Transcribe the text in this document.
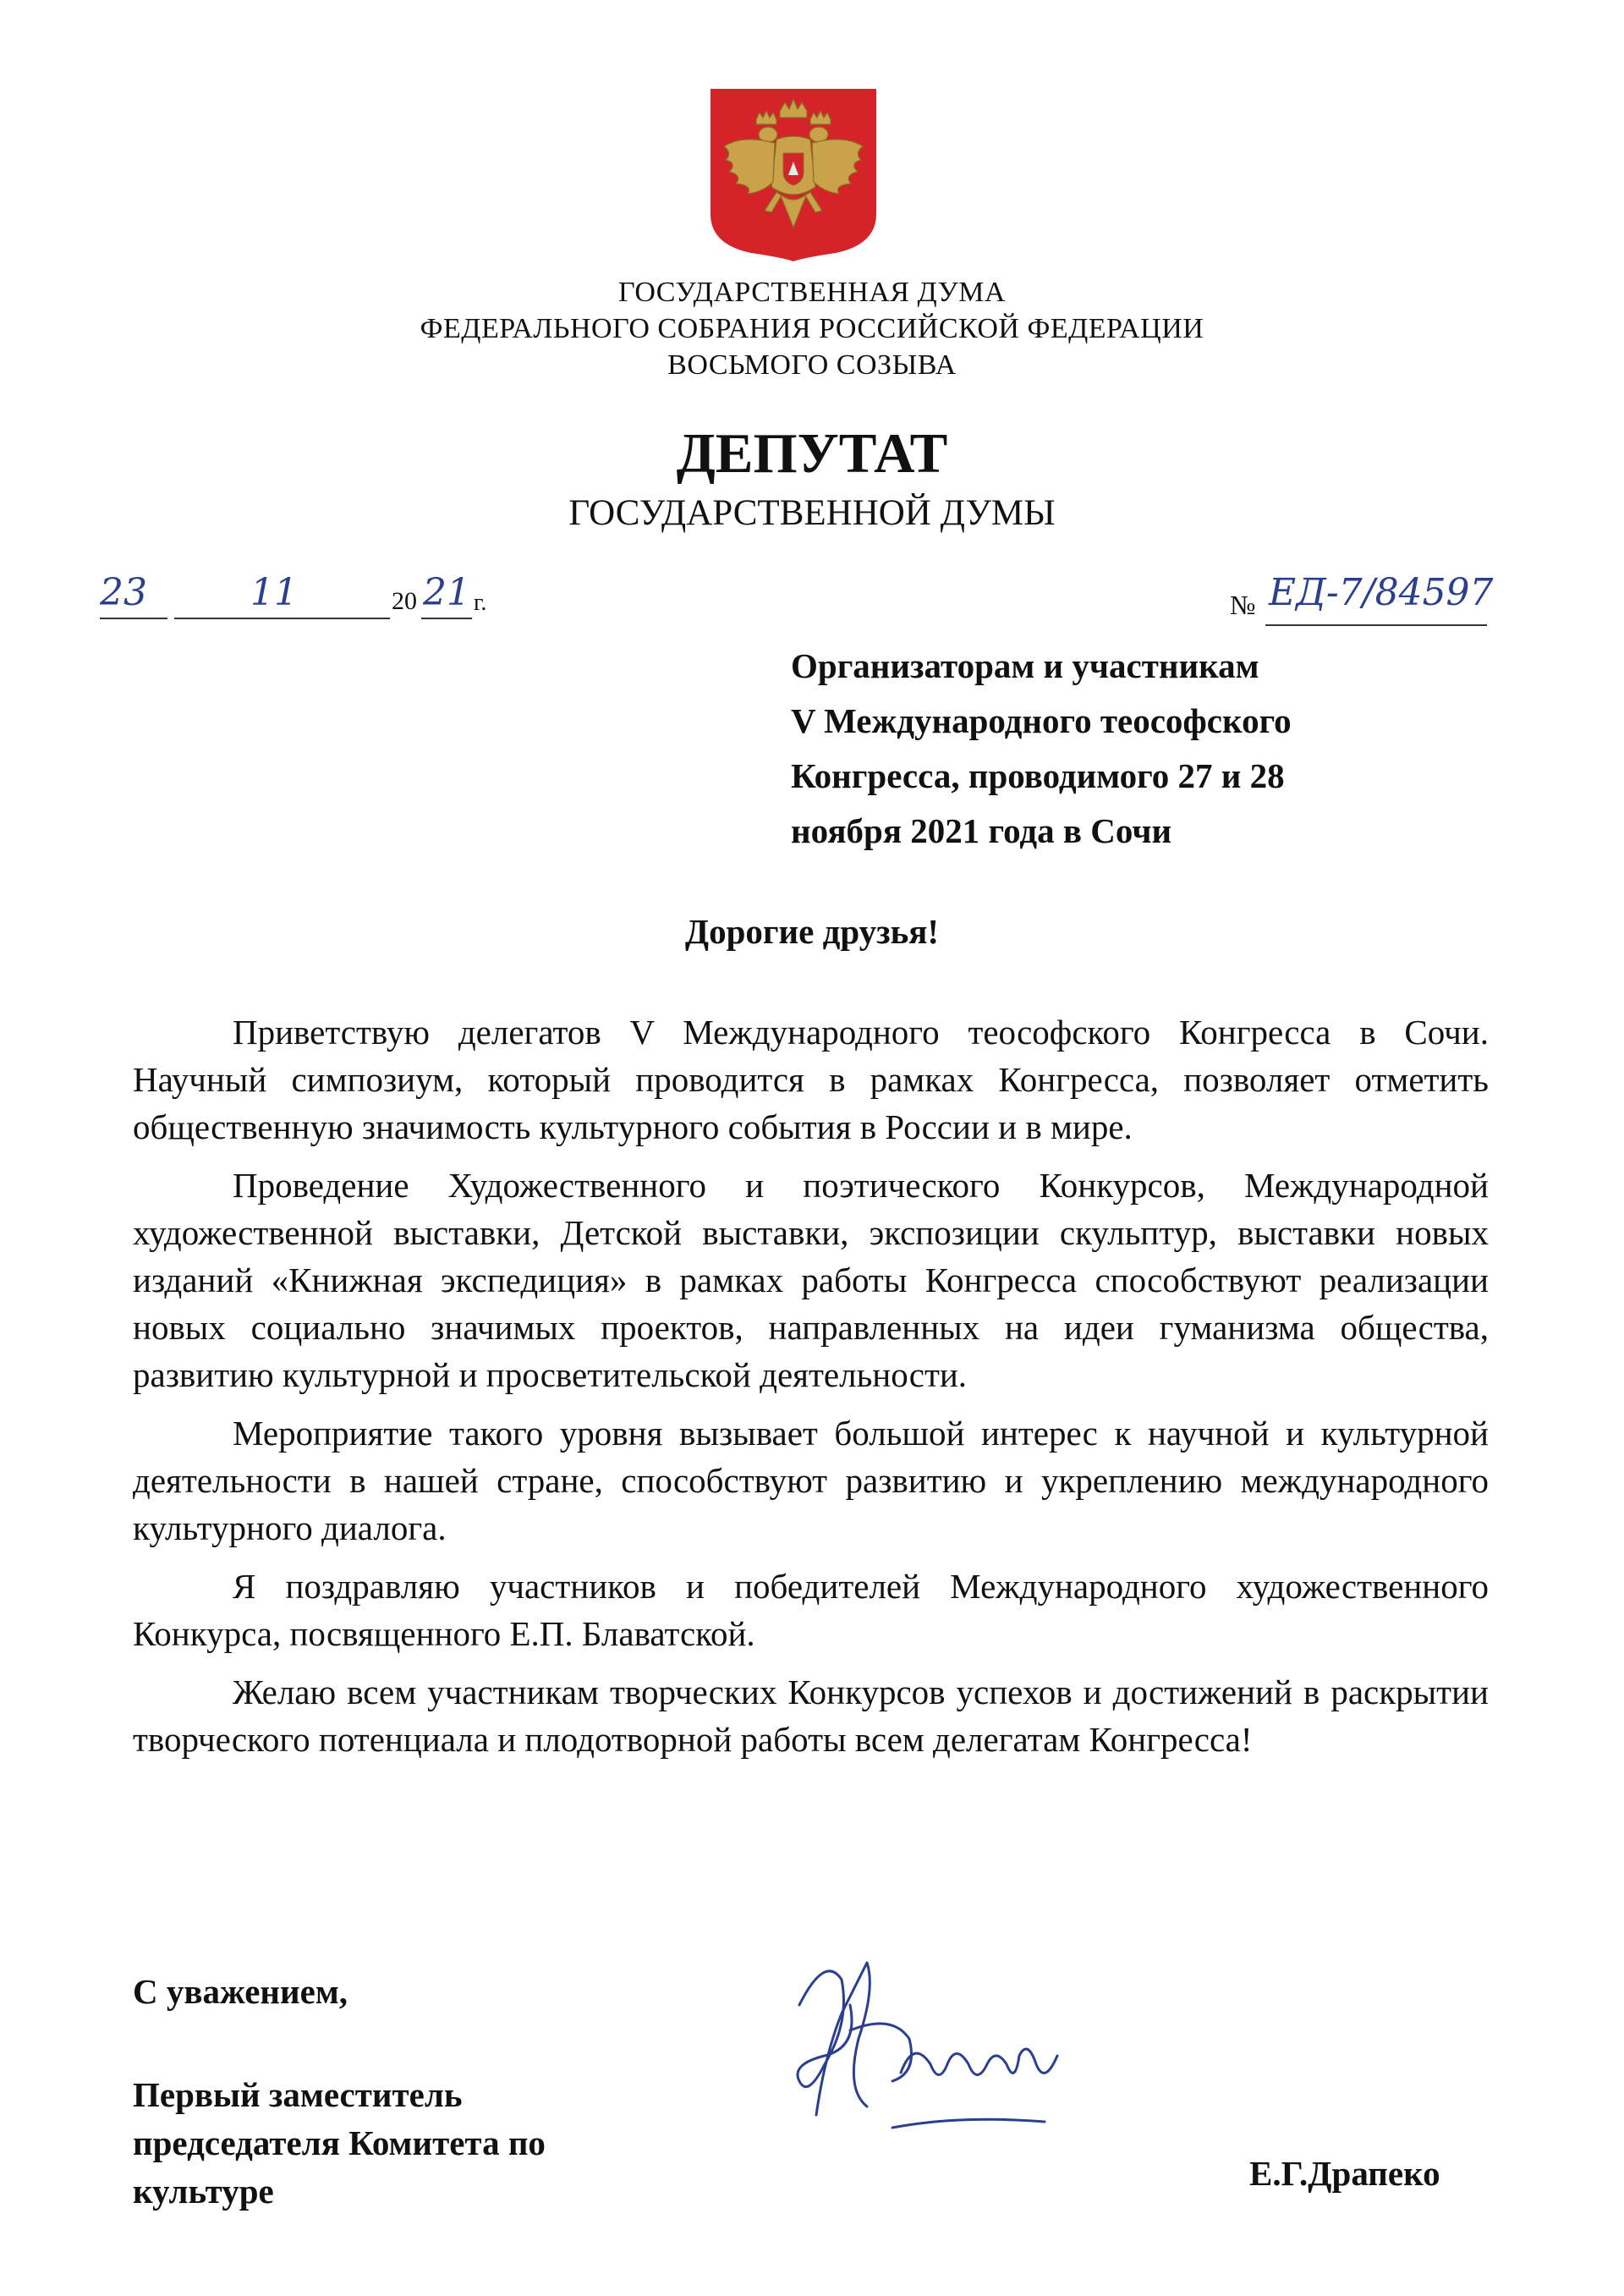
ГОСУДАРСТВЕННАЯ ДУМА
ФЕДЕРАЛЬНОГО СОБРАНИЯ РОССИЙСКОЙ ФЕДЕРАЦИИ
ВОСЬМОГО СОЗЫВА
ДЕПУТАТ
ГОСУДАРСТВЕННОЙ ДУМЫ
23	11	20 21 г.	№ ЕД-7/84597
Организаторам и участникам
V Международного теософского
Конгресса, проводимого 27 и 28
ноября 2021 года в Сочи
Дорогие друзья!

Приветствую делегатов V Международного теософского Конгресса в Сочи. Научный симпозиум, который проводится в рамках Конгресса, позволяет отметить общественную значимость культурного события в России и в мире.

Проведение Художественного и поэтического Конкурсов, Международной художественной выставки, Детской выставки, экспозиции скульптур, выставки новых изданий «Книжная экспедиция» в рамках работы Конгресса способствуют реализации новых социально значимых проектов, направленных на идеи гуманизма общества, развитию культурной и просветительской деятельности.

Мероприятие такого уровня вызывает большой интерес к научной и культурной деятельности в нашей стране, способствуют развитию и укреплению международного культурного диалога.

Я поздравляю участников и победителей Международного художественного Конкурса, посвященного Е.П. Блаватской.

Желаю всем участникам творческих Конкурсов успехов и достижений в раскрытии творческого потенциала и плодотворной работы всем делегатам Конгресса!

С уважением,
Первый заместитель
председателя Комитета по
культуре	Е.Г.Драпеко
